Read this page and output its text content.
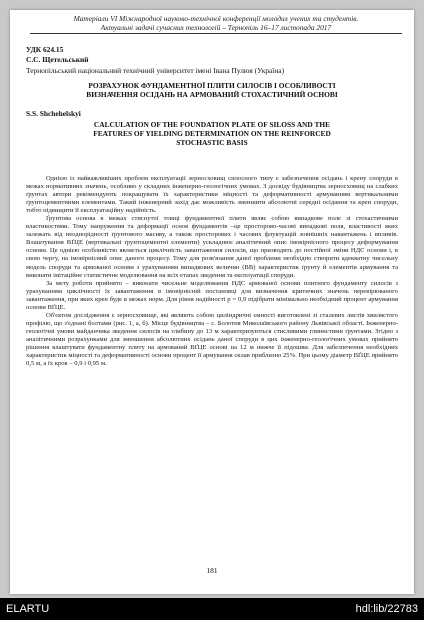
Матеріали VI Міжнародної науково-технічної конференції молодих учених та студентів.
Актуальні задачі сучасних технологій – Тернопіль 16–17 листопада 2017
УДК 624.15
С.С. Щетельський
Тернопільський національний технічний університет імені Івана Пулюя (Україна)
РОЗРАХУНОК ФУНДАМЕНТНОЇ ПЛИТИ СИЛОСІВ І ОСОБЛИВОСТІ
ВИЗНАЧЕННЯ ОСІДАНЬ НА АРМОВАНИЙ СТОХАСТИЧНИЙ ОСНОВІ
S.S. Shchehelskyi
CALCULATION OF THE FOUNDATION PLATE OF SILOSS AND THE
FEATURES OF YIELDING DETERMINATION ON THE REINFORCED
STOCHASTIC BASIS

Однією із найважливіших проблем експлуатації зерносховищ силосного типу є забезпечення осідань і крену споруди в межах нормативних значень, особливо у складних інженерно-геологічних умовах. З досвіду будівництва зерносховищ на слабких ґрунтах автори рекомендують покращувати їх характеристики міцності та деформативності армуванням вертикальними ґрунтоцементними елементами. Такий інженерний захід дає можливість зменшити абсолютні середні осідання та крен споруди, тобто підвищити її експлуатаційну надійність.

Ґрунтова основа в межах стиснутої товщі фундаментної плити являє собою випадкове поле зі стохастичними властивостями. Тому напруження та деформації основ фундаментів –це просторово-часові випадкові поля, властивості яких залежать від неоднорідності ґрунтового масиву, а також просторових і часових флуктуацій зовнішніх навантажень і впливів. Влаштування ВҐЦЕ (вертикальні ґрунтоцементні елементи) ускладнює аналітичний опис імовірнісного процесу деформування основи. Це однією особливістю являється циклічність завантаження силосів, що призводить до постійної зміни НДС основи і, в свою чергу, на імовірнісний опис даного процесу. Тому для розв'язання даної проблеми необхідно створити адекватну чисельну модель споруди та армованої основи з урахуванням випадкових величин (ВВ) характеристик ґрунту й елементів армування та виконати імітаційне статистичне моделювання на всіх етапах зведення та експлуатації споруди.

За мету роботи прийнято – виконати чисельне моделювання НДС армованої основи плитного фундаменту силосів з урахуванням циклічності їх завантаження в імовірнісній постановці для визначення критичних значень перевірюваного завантаження, при яких крен буде в межах норм. Для рівня надійності р = 0,9 підібрати мінімально необхідний процент армування основи ВҐЦЕ.

Об'єктом дослідження є зерносховище, які являють собою циліндричні ємності виготовлені зі сталевих листів хвилястого профілю, що з'єднані болтами (рис. 1, а, б). Місце будівництва – с. Болотня Миколаївського району Львівської області. Інженерно-геологічні умови майданчика зведення силосів на глибину до 13 м характеризуються стисливими глинистими ґрунтами. Згідно з аналітичними розрахунками для зменшення абсолютних осідань даної споруди в цих інженерно-геологічних умовах прийнято рішення влаштувати фундаментну плиту на армований ВҐЦЕ основі на 12 м нижче її підошви. Для забезпечення необхідних характеристик міцності та деформативності основи процент її армування склав приблизно 25%. При цьому діаметр ВҐЦЕ прийнято 0,5 м, а їх крок – 0,9 і 0,95 м.

181
ELARTU	hdl:lib/22783
